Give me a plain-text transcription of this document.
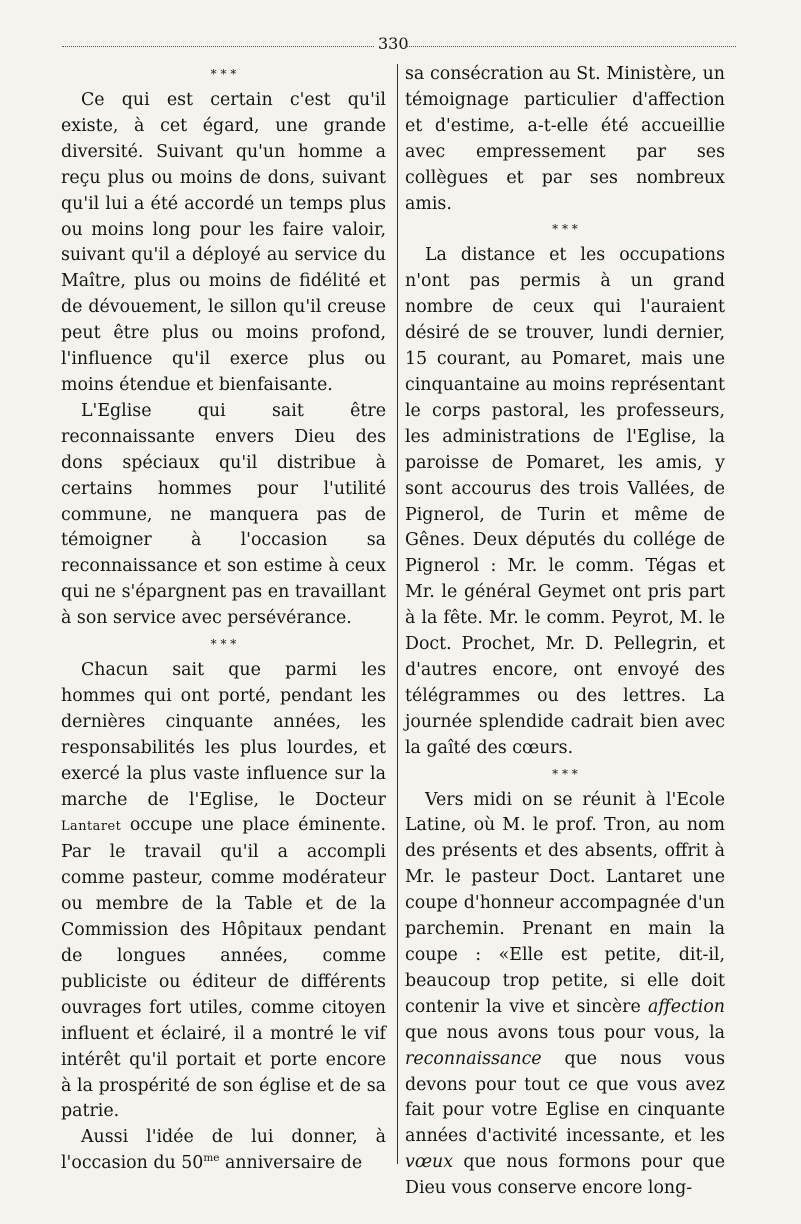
330
⁎ ⁎ ⁎

Ce qui est certain c'est qu'il existe, à cet égard, une grande diversité. Suivant qu'un homme a reçu plus ou moins de dons, suivant qu'il lui a été accordé un temps plus ou moins long pour les faire valoir, suivant qu'il a déployé au service du Maître, plus ou moins de fidélité et de dévouement, le sillon qu'il creuse peut être plus ou moins profond, l'influence qu'il exerce plus ou moins étendue et bienfaisante.

L'Eglise qui sait être reconnaissante envers Dieu des dons spéciaux qu'il distribue à certains hommes pour l'utilité commune, ne manquera pas de témoigner à l'occasion sa reconnaissance et son estime à ceux qui ne s'épargnent pas en travaillant à son service avec persévérance.

⁎ ⁎ ⁎

Chacun sait que parmi les hommes qui ont porté, pendant les dernières cinquante années, les responsabilités les plus lourdes, et exercé la plus vaste influence sur la marche de l'Eglise, le Docteur Lantaret occupe une place éminente. Par le travail qu'il a accompli comme pasteur, comme modérateur ou membre de la Table et de la Commission des Hôpitaux pendant de longues années, comme publiciste ou éditeur de différents ouvrages fort utiles, comme citoyen influent et éclairé, il a montré le vif intérêt qu'il portait et porte encore à la prospérité de son église et de sa patrie.

Aussi l'idée de lui donner, à l'occasion du $50^{me}$ anniversaire de

sa consécration au St. Ministère, un témoignage particulier d'affection et d'estime, a-t-elle été accueillie avec empressement par ses collègues et par ses nombreux amis.

⁎ ⁎ ⁎

La distance et les occupations n'ont pas permis à un grand nombre de ceux qui l'auraient désiré de se trouver, lundi dernier, 15 courant, au Pomaret, mais une cinquantaine au moins représentant le corps pastoral, les professeurs, les administrations de l'Eglise, la paroisse de Pomaret, les amis, y sont accourus des trois Vallées, de Pignerol, de Turin et même de Gênes. Deux députés du collége de Pignerol : Mr. le comm. Tégas et Mr. le général Geymet ont pris part à la fête. Mr. le comm. Peyrot, M. le Doct. Prochet, Mr. D. Pellegrin, et d'autres encore, ont envoyé des télégrammes ou des lettres. La journée splendide cadrait bien avec la gaîté des cœurs.

⁎ ⁎ ⁎

Vers midi on se réunit à l'Ecole Latine, où M. le prof. Tron, au nom des présents et des absents, offrit à Mr. le pasteur Doct. Lantaret une coupe d'honneur accompagnée d'un parchemin. Prenant en main la coupe : «Elle est petite, dit-il, beaucoup trop petite, si elle doit contenir la vive et sincère affection que nous avons tous pour vous, la reconnaissance que nous vous devons pour tout ce que vous avez fait pour votre Eglise en cinquante années d'activité incessante, et les vœux que nous formons pour que Dieu vous conserve encore long-
